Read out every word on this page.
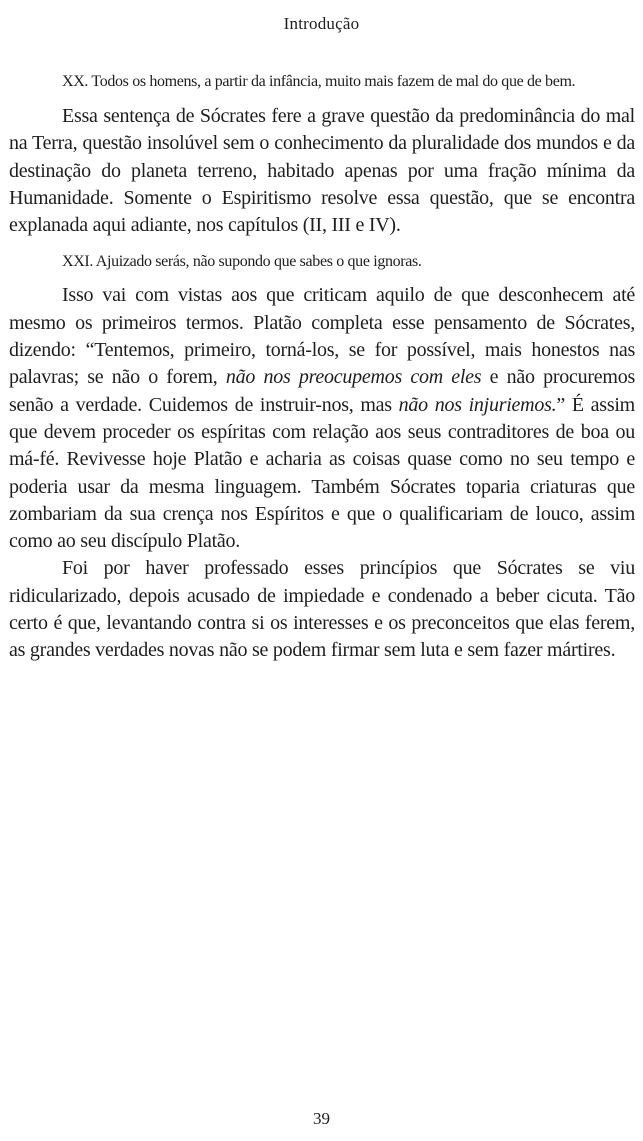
Introdução

XX. Todos os homens, a partir da infância, muito mais fazem de mal do que de bem.

Essa sentença de Sócrates fere a grave questão da predominância do mal na Terra, questão insolúvel sem o conhecimento da pluralidade dos mundos e da destinação do planeta terreno, habitado apenas por uma fração mínima da Humanidade. Somente o Espiritismo resolve essa questão, que se encontra explanada aqui adiante, nos capítulos (II, III e IV).

XXI. Ajuizado serás, não supondo que sabes o que ignoras.

Isso vai com vistas aos que criticam aquilo de que desconhecem até mesmo os primeiros termos. Platão completa esse pensamento de Sócrates, dizendo: “Tentemos, primeiro, torná-los, se for possível, mais honestos nas palavras; se não o forem, não nos preocupemos com eles e não procuremos senão a verdade. Cuidemos de instruir-nos, mas não nos injuriemos.” É assim que devem proceder os espíritas com relação aos seus contraditores de boa ou má-fé. Revivesse hoje Platão e acharia as coisas quase como no seu tempo e poderia usar da mesma linguagem. Também Sócrates toparia criaturas que zombariam da sua crença nos Espíritos e que o qualificariam de louco, assim como ao seu discípulo Platão.

Foi por haver professado esses princípios que Sócrates se viu ridicularizado, depois acusado de impiedade e condenado a beber cicuta. Tão certo é que, levantando contra si os interesses e os preconceitos que elas ferem, as grandes verdades novas não se podem firmar sem luta e sem fazer mártires.

39
